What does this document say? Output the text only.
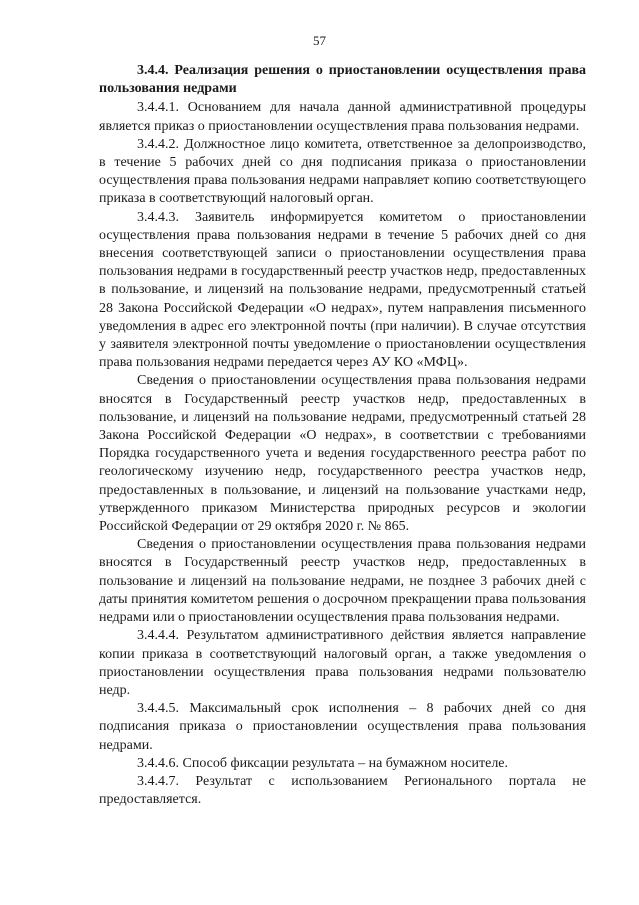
57
3.4.4. Реализация решения о приостановлении осуществления права пользования недрами

3.4.4.1. Основанием для начала данной административной процедуры является приказ о приостановлении осуществления права пользования недрами.

3.4.4.2. Должностное лицо комитета, ответственное за делопроизводство, в течение 5 рабочих дней со дня подписания приказа о приостановлении осуществления права пользования недрами направляет копию соответствующего приказа в соответствующий налоговый орган.

3.4.4.3. Заявитель информируется комитетом о приостановлении осуществления права пользования недрами в течение 5 рабочих дней со дня внесения соответствующей записи о приостановлении осуществления права пользования недрами в государственный реестр участков недр, предоставленных в пользование, и лицензий на пользование недрами, предусмотренный статьей 28 Закона Российской Федерации «О недрах», путем направления письменного уведомления в адрес его электронной почты (при наличии). В случае отсутствия у заявителя электронной почты уведомление о приостановлении осуществления права пользования недрами передается через АУ КО «МФЦ».

Сведения о приостановлении осуществления права пользования недрами вносятся в Государственный реестр участков недр, предоставленных в пользование, и лицензий на пользование недрами, предусмотренный статьей 28 Закона Российской Федерации «О недрах», в соответствии с требованиями Порядка государственного учета и ведения государственного реестра работ по геологическому изучению недр, государственного реестра участков недр, предоставленных в пользование, и лицензий на пользование участками недр, утвержденного приказом Министерства природных ресурсов и экологии Российской Федерации от 29 октября 2020 г. № 865.

Сведения о приостановлении осуществления права пользования недрами вносятся в Государственный реестр участков недр, предоставленных в пользование и лицензий на пользование недрами, не позднее 3 рабочих дней с даты принятия комитетом решения о досрочном прекращении права пользования недрами или о приостановлении осуществления права пользования недрами.

3.4.4.4. Результатом административного действия является направление копии приказа в соответствующий налоговый орган, а также уведомления о приостановлении осуществления права пользования недрами пользователю недр.

3.4.4.5. Максимальный срок исполнения – 8 рабочих дней со дня подписания приказа о приостановлении осуществления права пользования недрами.

3.4.4.6. Способ фиксации результата – на бумажном носителе.

3.4.4.7. Результат с использованием Регионального портала не предоставляется.
